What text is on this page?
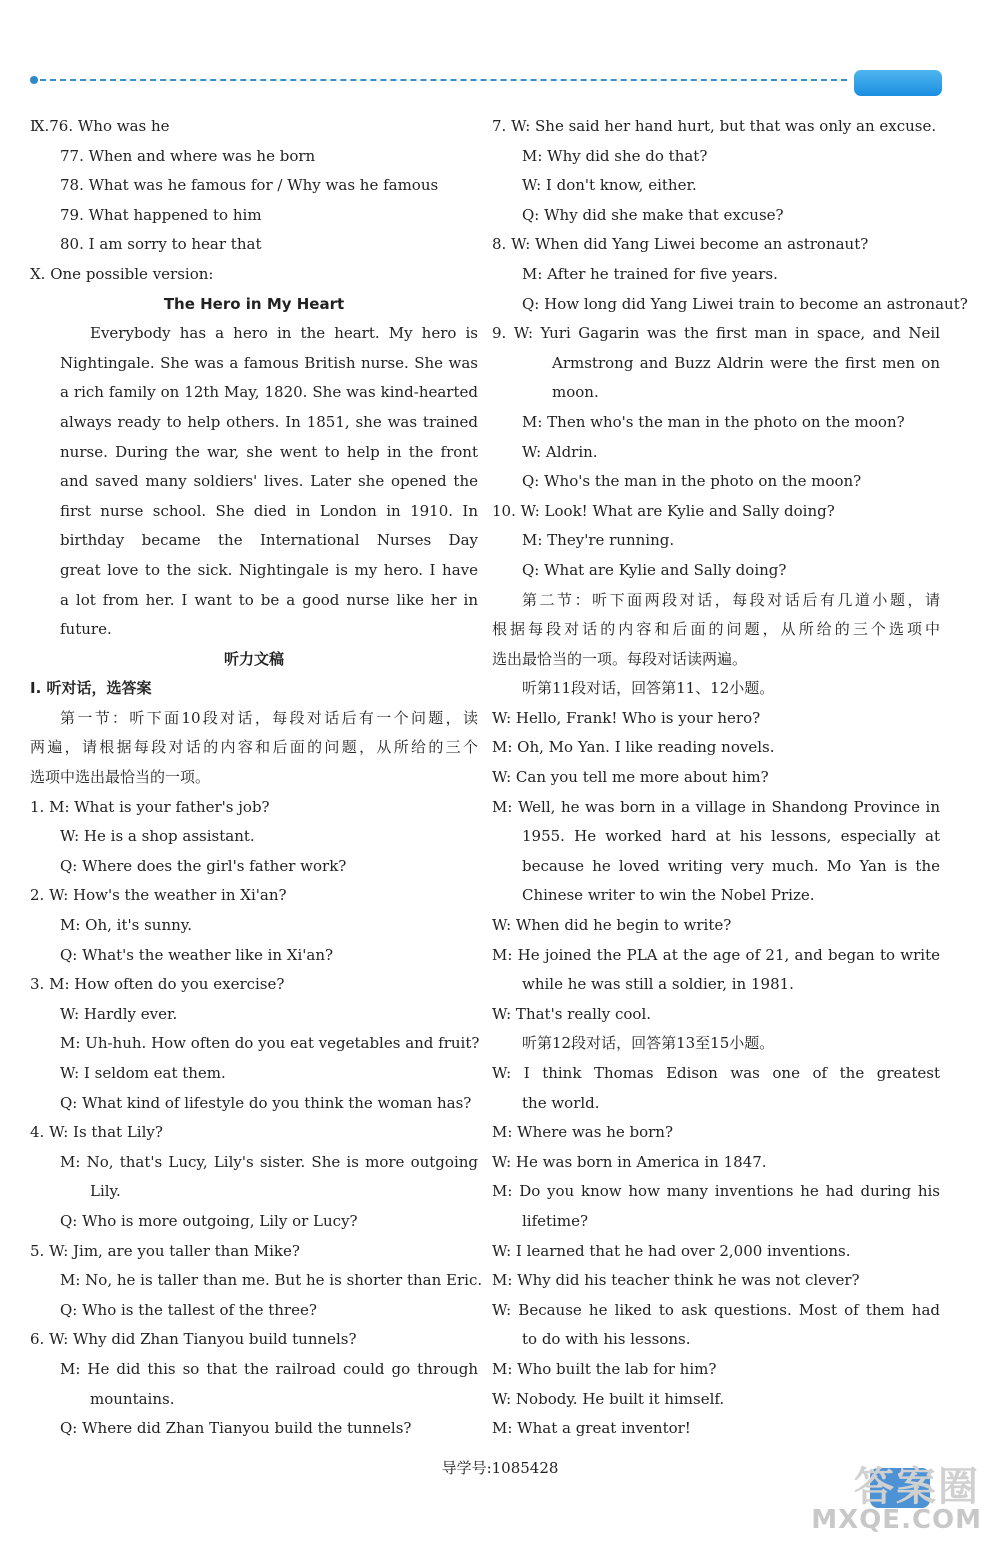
Ⅸ.76. Who was he
77. When and where was he born
78. What was he famous for / Why was he famous
79. What happened to him
80. I am sorry to hear that
Ⅹ. One possible version:
The Hero in My Heart
Everybody has a hero in the heart. My hero is
Nightingale. She was a famous British nurse. She was
a rich family on 12th May, 1820. She was kind-hearted
always ready to help others. In 1851, she was trained
nurse. During the war, she went to help in the front
and saved many soldiers' lives. Later she opened the
first nurse school. She died in London in 1910. In
birthday became the International Nurses Day
great love to the sick. Nightingale is my hero. I have
a lot from her. I want to be a good nurse like her in
future.
听力文稿
Ⅰ. 听对话，选答案
第一节：听下面10段对话，每段对话后有一个问题，读
两遍，请根据每段对话的内容和后面的问题，从所给的三个
选项中选出最恰当的一项。
1. M: What is your father's job?
W: He is a shop assistant.
Q: Where does the girl's father work?
2. W: How's the weather in Xi'an?
M: Oh, it's sunny.
Q: What's the weather like in Xi'an?
3. M: How often do you exercise?
W: Hardly ever.
M: Uh-huh. How often do you eat vegetables and fruit?
W: I seldom eat them.
Q: What kind of lifestyle do you think the woman has?
4. W: Is that Lily?
M: No, that's Lucy, Lily's sister. She is more outgoing
Lily.
Q: Who is more outgoing, Lily or Lucy?
5. W: Jim, are you taller than Mike?
M: No, he is taller than me. But he is shorter than Eric.
Q: Who is the tallest of the three?
6. W: Why did Zhan Tianyou build tunnels?
M: He did this so that the railroad could go through
mountains.
Q: Where did Zhan Tianyou build the tunnels?
7. W: She said her hand hurt, but that was only an excuse.
M: Why did she do that?
W: I don't know, either.
Q: Why did she make that excuse?
8. W: When did Yang Liwei become an astronaut?
M: After he trained for five years.
Q: How long did Yang Liwei train to become an astronaut?
9. W: Yuri Gagarin was the first man in space, and Neil
Armstrong and Buzz Aldrin were the first men on
moon.
M: Then who's the man in the photo on the moon?
W: Aldrin.
Q: Who's the man in the photo on the moon?
10. W: Look! What are Kylie and Sally doing?
M: They're running.
Q: What are Kylie and Sally doing?
第二节：听下面两段对话，每段对话后有几道小题，请
根据每段对话的内容和后面的问题，从所给的三个选项中
选出最恰当的一项。每段对话读两遍。
听第11段对话，回答第11、12小题。
W: Hello, Frank! Who is your hero?
M: Oh, Mo Yan. I like reading novels.
W: Can you tell me more about him?
M: Well, he was born in a village in Shandong Province in
1955. He worked hard at his lessons, especially at
because he loved writing very much. Mo Yan is the
Chinese writer to win the Nobel Prize.
W: When did he begin to write?
M: He joined the PLA at the age of 21, and began to write
while he was still a soldier, in 1981.
W: That's really cool.
听第12段对话，回答第13至15小题。
W: I think Thomas Edison was one of the greatest
the world.
M: Where was he born?
W: He was born in America in 1847.
M: Do you know how many inventions he had during his
lifetime?
W: I learned that he had over 2,000 inventions.
M: Why did his teacher think he was not clever?
W: Because he liked to ask questions. Most of them had
to do with his lessons.
M: Who built the lab for him?
W: Nobody. He built it himself.
M: What a great inventor!
导学号:1085428	答案圈
MXQE.COM
